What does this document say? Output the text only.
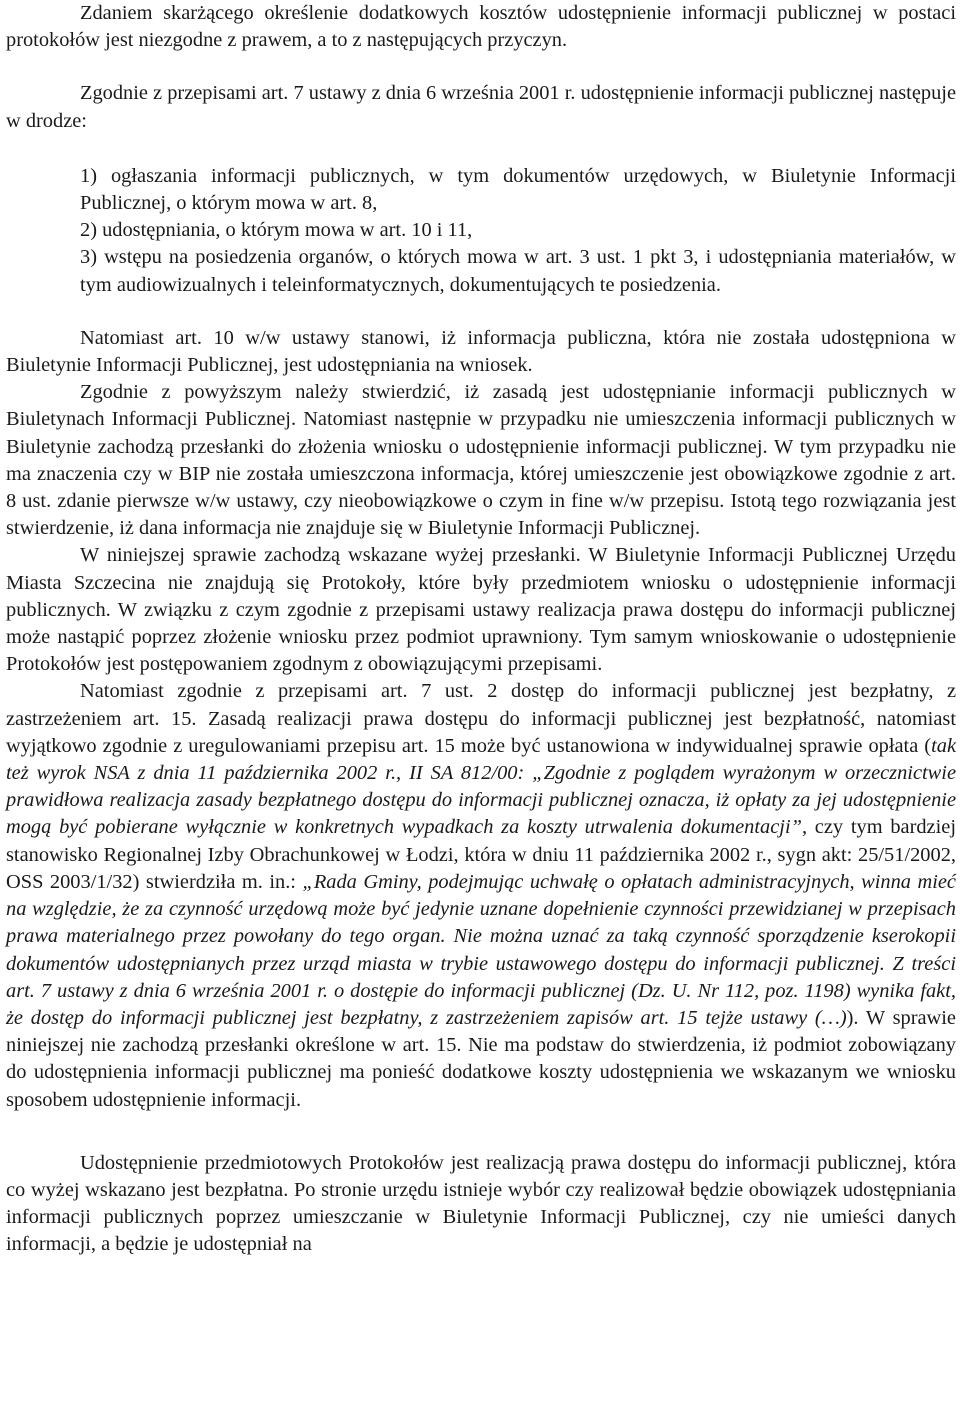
Zdaniem skarżącego określenie dodatkowych kosztów udostępnienie informacji publicznej w postaci protokołów jest niezgodne z prawem, a to z następujących przyczyn.

Zgodnie z przepisami art. 7 ustawy z dnia 6 września 2001 r. udostępnienie informacji publicznej następuje w drodze:

1) ogłaszania informacji publicznych, w tym dokumentów urzędowych, w Biuletynie Informacji Publicznej, o którym mowa w art. 8,

2) udostępniania, o którym mowa w art. 10 i 11,

3) wstępu na posiedzenia organów, o których mowa w art. 3 ust. 1 pkt 3, i udostępniania materiałów, w tym audiowizualnych i teleinformatycznych, dokumentujących te posiedzenia.

Natomiast art. 10 w/w ustawy stanowi, iż informacja publiczna, która nie została udostępniona w Biuletynie Informacji Publicznej, jest udostępniania na wniosek.

Zgodnie z powyższym należy stwierdzić, iż zasadą jest udostępnianie informacji publicznych w Biuletynach Informacji Publicznej. Natomiast następnie w przypadku nie umieszczenia informacji publicznych w Biuletynie zachodzą przesłanki do złożenia wniosku o udostępnienie informacji publicznej. W tym przypadku nie ma znaczenia czy w BIP nie została umieszczona informacja, której umieszczenie jest obowiązkowe zgodnie z art. 8 ust. zdanie pierwsze w/w ustawy, czy nieobowiązkowe o czym in fine w/w przepisu. Istotą tego rozwiązania jest stwierdzenie, iż dana informacja nie znajduje się w Biuletynie Informacji Publicznej.

W niniejszej sprawie zachodzą wskazane wyżej przesłanki. W Biuletynie Informacji Publicznej Urzędu Miasta Szczecina nie znajdują się Protokoły, które były przedmiotem wniosku o udostępnienie informacji publicznych. W związku z czym zgodnie z przepisami ustawy realizacja prawa dostępu do informacji publicznej może nastąpić poprzez złożenie wniosku przez podmiot uprawniony. Tym samym wnioskowanie o udostępnienie Protokołów jest postępowaniem zgodnym z obowiązującymi przepisami.

Natomiast zgodnie z przepisami art. 7 ust. 2 dostęp do informacji publicznej jest bezpłatny, z zastrzeżeniem art. 15. Zasadą realizacji prawa dostępu do informacji publicznej jest bezpłatność, natomiast wyjątkowo zgodnie z uregulowaniami przepisu art. 15 może być ustanowiona w indywidualnej sprawie opłata (tak też wyrok NSA z dnia 11 października 2002 r., II SA 812/00: „Zgodnie z poglądem wyrażonym w orzecznictwie prawidłowa realizacja zasady bezpłatnego dostępu do informacji publicznej oznacza, iż opłaty za jej udostępnienie mogą być pobierane wyłącznie w konkretnych wypadkach za koszty utrwalenia dokumentacji”, czy tym bardziej stanowisko Regionalnej Izby Obrachunkowej w Łodzi, która w dniu 11 października 2002 r., sygn akt: 25/51/2002, OSS 2003/1/32) stwierdziła m. in.: „Rada Gminy, podejmując uchwałę o opłatach administracyjnych, winna mieć na względzie, że za czynność urzędową może być jedynie uznane dopełnienie czynności przewidzianej w przepisach prawa materialnego przez powołany do tego organ. Nie można uznać za taką czynność sporządzenie kserokopii dokumentów udostępnianych przez urząd miasta w trybie ustawowego dostępu do informacji publicznej. Z treści art. 7 ustawy z dnia 6 września 2001 r. o dostępie do informacji publicznej (Dz. U. Nr 112, poz. 1198) wynika fakt, że dostęp do informacji publicznej jest bezpłatny, z zastrzeżeniem zapisów art. 15 tejże ustawy (…)). W sprawie niniejszej nie zachodzą przesłanki określone w art. 15. Nie ma podstaw do stwierdzenia, iż podmiot zobowiązany do udostępnienia informacji publicznej ma ponieść dodatkowe koszty udostępnienia we wskazanym we wniosku sposobem udostępnienie informacji.

Udostępnienie przedmiotowych Protokołów jest realizacją prawa dostępu do informacji publicznej, która co wyżej wskazano jest bezpłatna. Po stronie urzędu istnieje wybór czy realizował będzie obowiązek udostępniania informacji publicznych poprzez umieszczanie w Biuletynie Informacji Publicznej, czy nie umieści danych informacji, a będzie je udostępniał na
